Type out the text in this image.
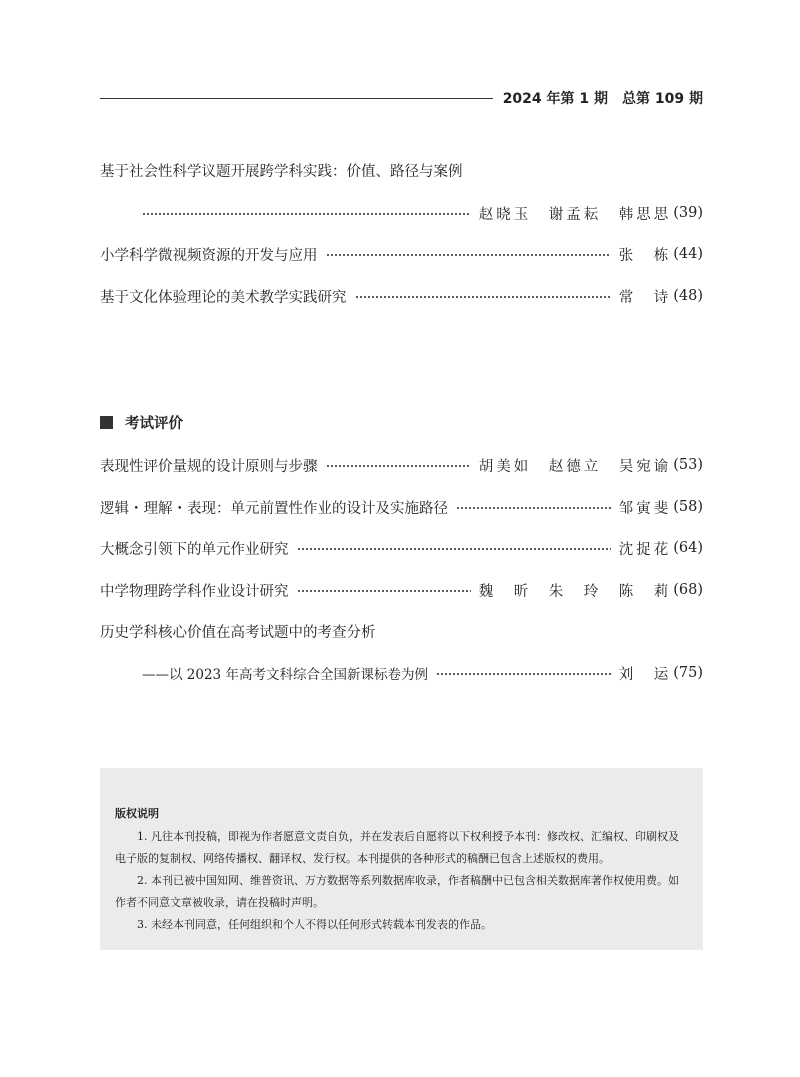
2024 年第 1 期　总第 109 期
基于社会性科学议题开展跨学科实践：价值、路径与案例
赵晓玉　谢孟耘　韩思思 (39)
小学科学微视频资源的开发与应用	张　栋 (44)
基于文化体验理论的美术教学实践研究	常　诗 (48)
考试评价
表现性评价量规的设计原则与步骤	胡美如　赵德立　吴宛谕 (53)
逻辑・理解・表现：单元前置性作业的设计及实施路径	邹寅斐 (58)
大概念引领下的单元作业研究	沈捉花 (64)
中学物理跨学科作业设计研究	魏　昕　朱　玲　陈　莉 (68)
历史学科核心价值在高考试题中的考查分析
——以 2023 年高考文科综合全国新课标卷为例	刘　运 (75)
版权说明

1. 凡往本刊投稿，即视为作者愿意文责自负，并在发表后自愿将以下权利授予本刊：修改权、汇编权、印刷权及电子版的复制权、网络传播权、翻译权、发行权。本刊提供的各种形式的稿酬已包含上述版权的费用。

2. 本刊已被中国知网、维普资讯、万方数据等系列数据库收录，作者稿酬中已包含相关数据库著作权使用费。如作者不同意文章被收录，请在投稿时声明。

3. 未经本刊同意，任何组织和个人不得以任何形式转载本刊发表的作品。
